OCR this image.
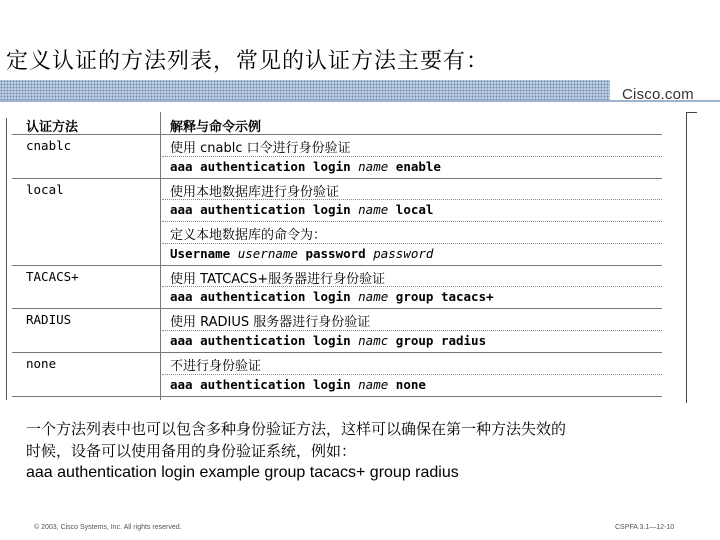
定义认证的方法列表，常见的认证方法主要有：
Cisco.com
认证方法	解释与命令示例
cnablc	使用 cnablc 口令进行身份验证
aaa authentication login name enable
local	使用本地数据库进行身份验证
aaa authentication login name local
定义本地数据库的命令为：
Username username password password
TACACS+	使用 TATCACS+服务器进行身份验证
aaa authentication login name group tacacs+
RADIUS	使用 RADIUS 服务器进行身份验证
aaa authentication login namc group radius
none	不进行身份验证
aaa authentication login name none
一个方法列表中也可以包含多种身份验证方法，这样可以确保在第一种方法失效的
时候，设备可以使用备用的身份验证系统，例如：
aaa authentication login example group tacacs+ group radius
© 2003, Cisco Systems, Inc. All rights reserved.	CSPFA 3.1—12-10
